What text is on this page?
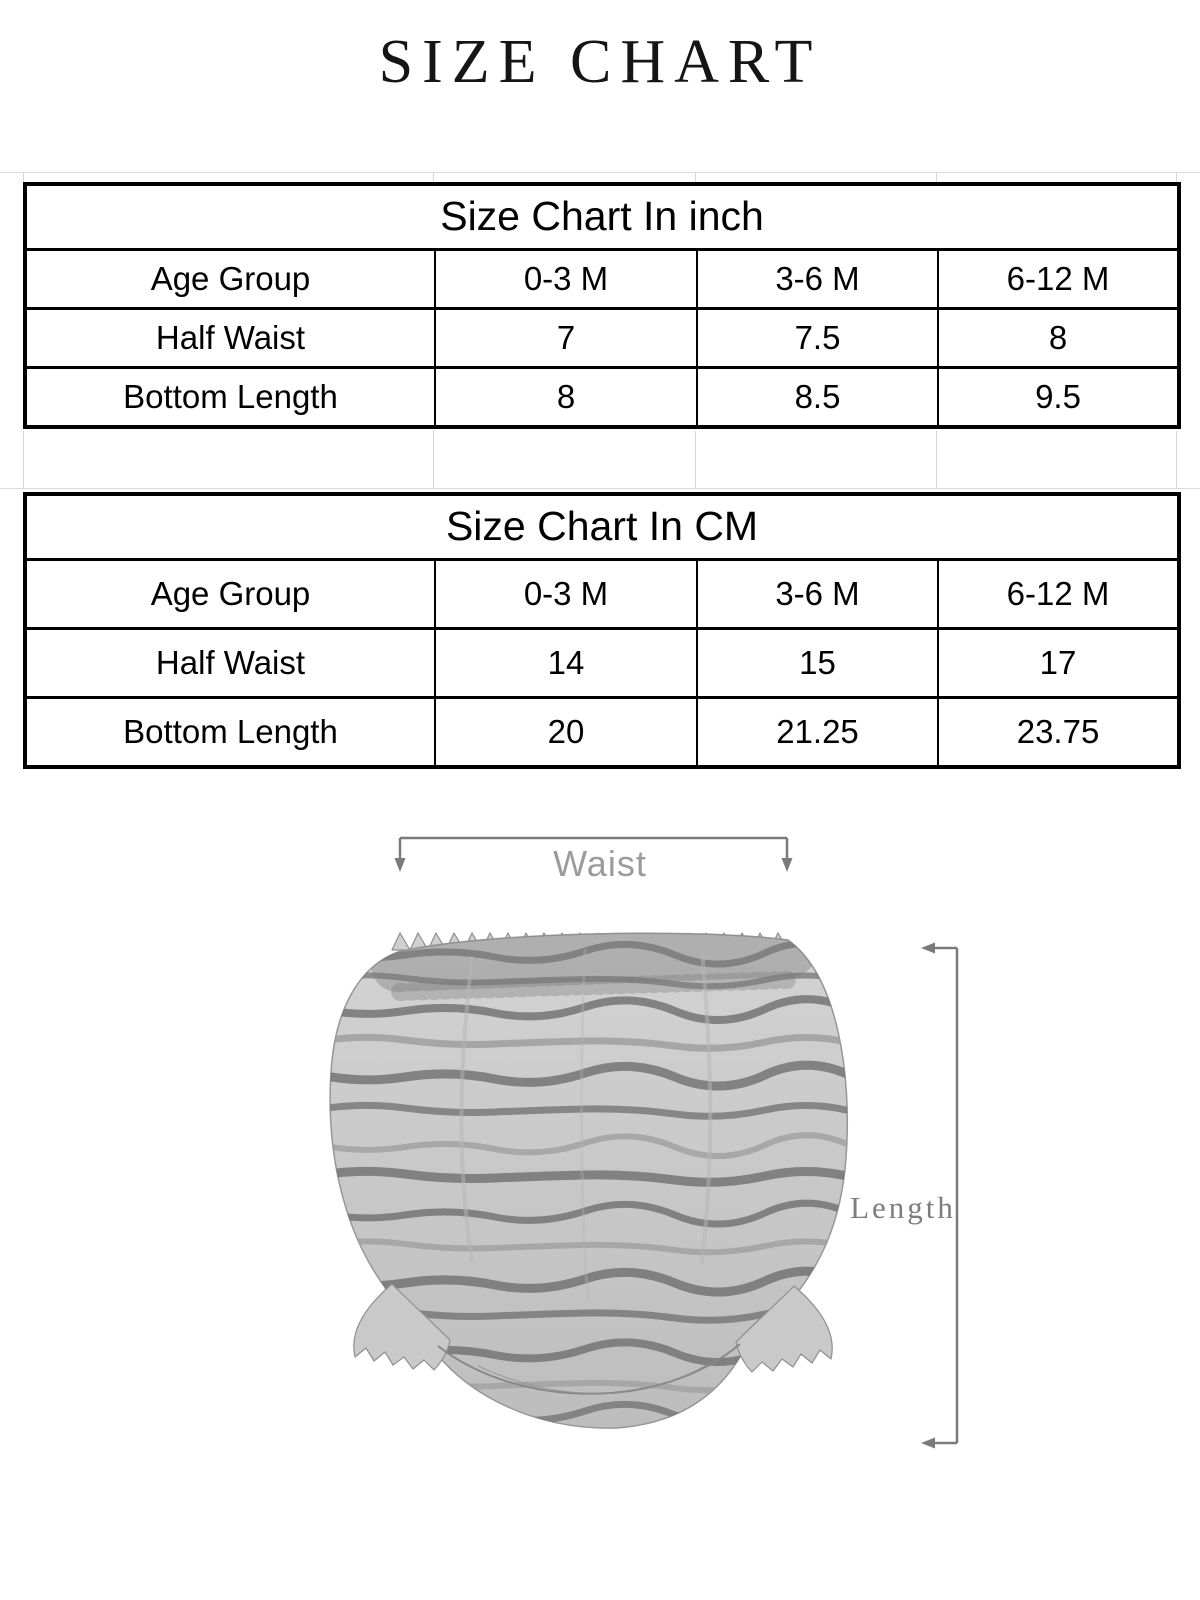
SIZE CHART
Size Chart In inch			
Age Group	0-3 M	3-6 M	6-12 M
Half Waist	7	7.5	8
Bottom Length	8	8.5	9.5
Size Chart In CM			
Age Group	0-3 M	3-6 M	6-12 M
Half Waist	14	15	17
Bottom Length	20	21.25	23.75
Waist
Length
